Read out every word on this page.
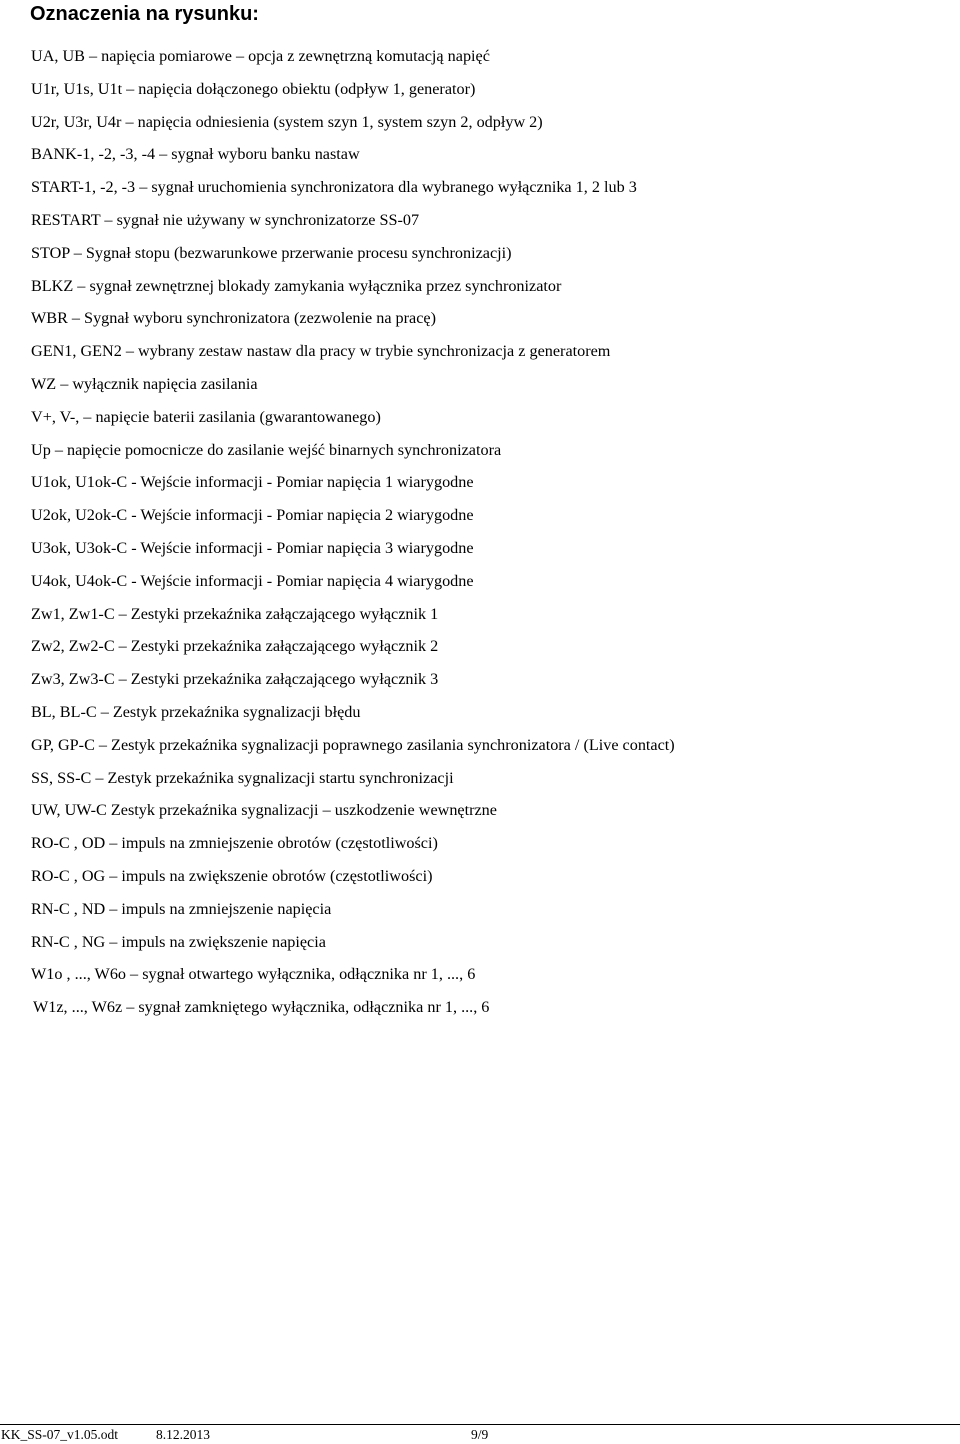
Oznaczenia na rysunku:
UA, UB – napięcia pomiarowe – opcja z zewnętrzną komutacją napięć
U1r, U1s, U1t – napięcia dołączonego obiektu (odpływ 1, generator)
U2r, U3r, U4r – napięcia odniesienia (system szyn 1, system szyn 2, odpływ 2)
BANK-1, -2, -3, -4 – sygnał wyboru banku nastaw
START-1, -2, -3 – sygnał uruchomienia synchronizatora dla wybranego wyłącznika 1, 2 lub 3
RESTART – sygnał nie używany w synchronizatorze SS-07
STOP – Sygnał stopu (bezwarunkowe przerwanie procesu synchronizacji)
BLKZ – sygnał zewnętrznej blokady zamykania wyłącznika przez synchronizator
WBR – Sygnał wyboru synchronizatora (zezwolenie na pracę)
GEN1, GEN2 – wybrany zestaw nastaw dla pracy w trybie synchronizacja z generatorem
WZ – wyłącznik napięcia zasilania
V+, V-, – napięcie baterii zasilania (gwarantowanego)
Up – napięcie pomocnicze do zasilanie wejść binarnych synchronizatora
U1ok, U1ok-C - Wejście informacji - Pomiar napięcia 1 wiarygodne
U2ok, U2ok-C - Wejście informacji - Pomiar napięcia 2 wiarygodne
U3ok, U3ok-C - Wejście informacji - Pomiar napięcia 3 wiarygodne
U4ok, U4ok-C - Wejście informacji - Pomiar napięcia 4 wiarygodne
Zw1, Zw1-C – Zestyki przekaźnika załączającego wyłącznik 1
Zw2, Zw2-C – Zestyki przekaźnika załączającego wyłącznik 2
Zw3, Zw3-C – Zestyki przekaźnika załączającego wyłącznik 3
BL, BL-C – Zestyk przekaźnika sygnalizacji błędu
GP, GP-C – Zestyk przekaźnika sygnalizacji poprawnego zasilania synchronizatora / (Live contact)
SS, SS-C – Zestyk przekaźnika sygnalizacji startu synchronizacji
UW, UW-C Zestyk przekaźnika sygnalizacji – uszkodzenie wewnętrzne
RO-C , OD – impuls na zmniejszenie obrotów (częstotliwości)
RO-C , OG – impuls na zwiększenie obrotów (częstotliwości)
RN-C , ND – impuls na zmniejszenie napięcia
RN-C , NG – impuls na zwiększenie napięcia
W1o , ..., W6o – sygnał otwartego wyłącznika, odłącznika nr 1, ..., 6
W1z, ..., W6z – sygnał zamkniętego wyłącznika, odłącznika nr 1, ..., 6
KK_SS-07_v1.05.odt	8.12.2013	9/9
